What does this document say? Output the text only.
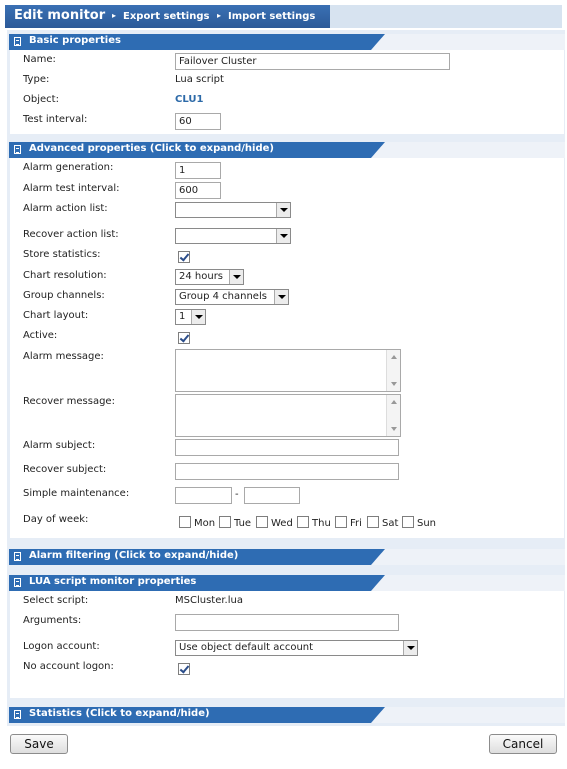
Edit monitor ▸ Export settings ▸ Import settings
Basic properties
Name:	Failover Cluster
Type:	Lua script
Object:	CLU1
Test interval:	60
Advanced properties (Click to expand/hide)
Alarm generation:	1
Alarm test interval:	600
Alarm action list:
Recover action list:
Store statistics:
Chart resolution:	24 hours
Group channels:	Group 4 channels
Chart layout:	1
Active:
Alarm message:
Recover message:
Alarm subject:
Recover subject:
Simple maintenance:	-
Day of week:	Mon Tue Wed Thu Fri Sat Sun
Alarm filtering (Click to expand/hide)
LUA script monitor properties
Select script:	MSCluster.lua
Arguments:
Logon account:	Use object default account
No account logon:
Statistics (Click to expand/hide)
Save	Cancel
